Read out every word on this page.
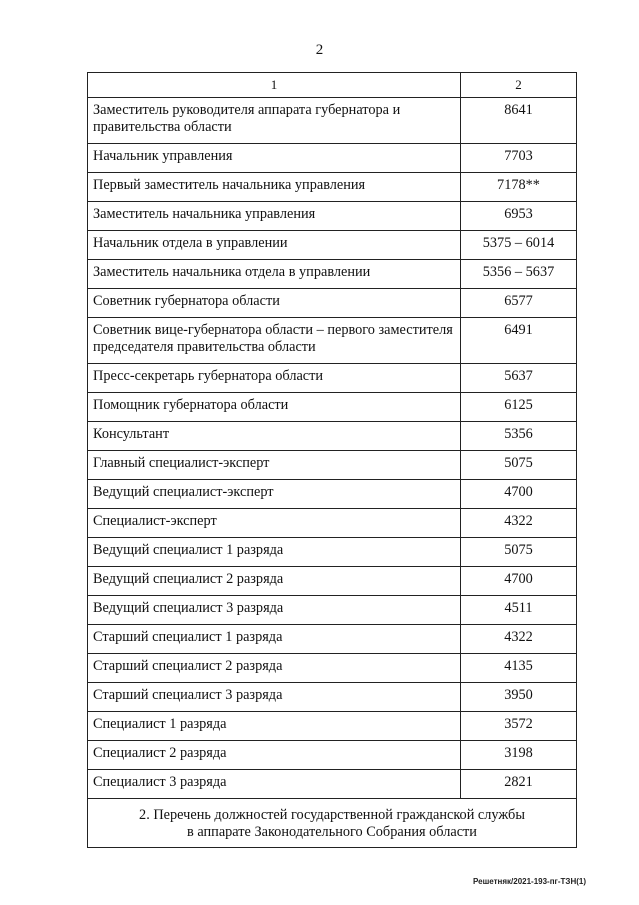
2
1	2
Заместитель руководителя аппарата губернатора и правительства области	8641
Начальник управления	7703
Первый заместитель начальника управления	7178**
Заместитель начальника управления	6953
Начальник отдела в управлении	5375 – 6014
Заместитель начальника отдела в управлении	5356 – 5637
Советник губернатора области	6577
Советник вице-губернатора области – первого заместителя председателя правительства области	6491
Пресс-секретарь губернатора области	5637
Помощник губернатора области	6125
Консультант	5356
Главный специалист-эксперт	5075
Ведущий специалист-эксперт	4700
Специалист-эксперт	4322
Ведущий специалист 1 разряда	5075
Ведущий специалист 2 разряда	4700
Ведущий специалист 3 разряда	4511
Старший специалист 1 разряда	4322
Старший специалист 2 разряда	4135
Старший специалист 3 разряда	3950
Специалист 1 разряда	3572
Специалист 2 разряда	3198
Специалист 3 разряда	2821
2. Перечень должностей государственной гражданской службы
в аппарате Законодательного Собрания области	
Решетняк/2021-193-пг-ТЗН(1)
